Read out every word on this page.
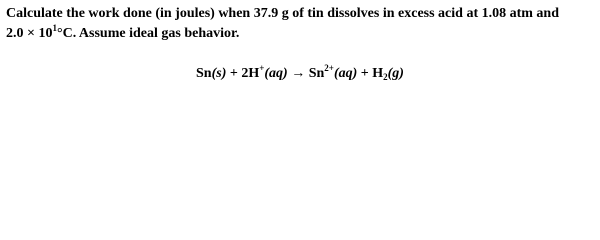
Calculate the work done (in joules) when 37.9 g of tin dissolves in excess acid at 1.08 atm and
$2.0 \times 10^1^\circ C$. Assume ideal gas behavior.
$Sn(s) + 2H^+(aq) \to Sn^{2+}(aq) + H_2(g)$
